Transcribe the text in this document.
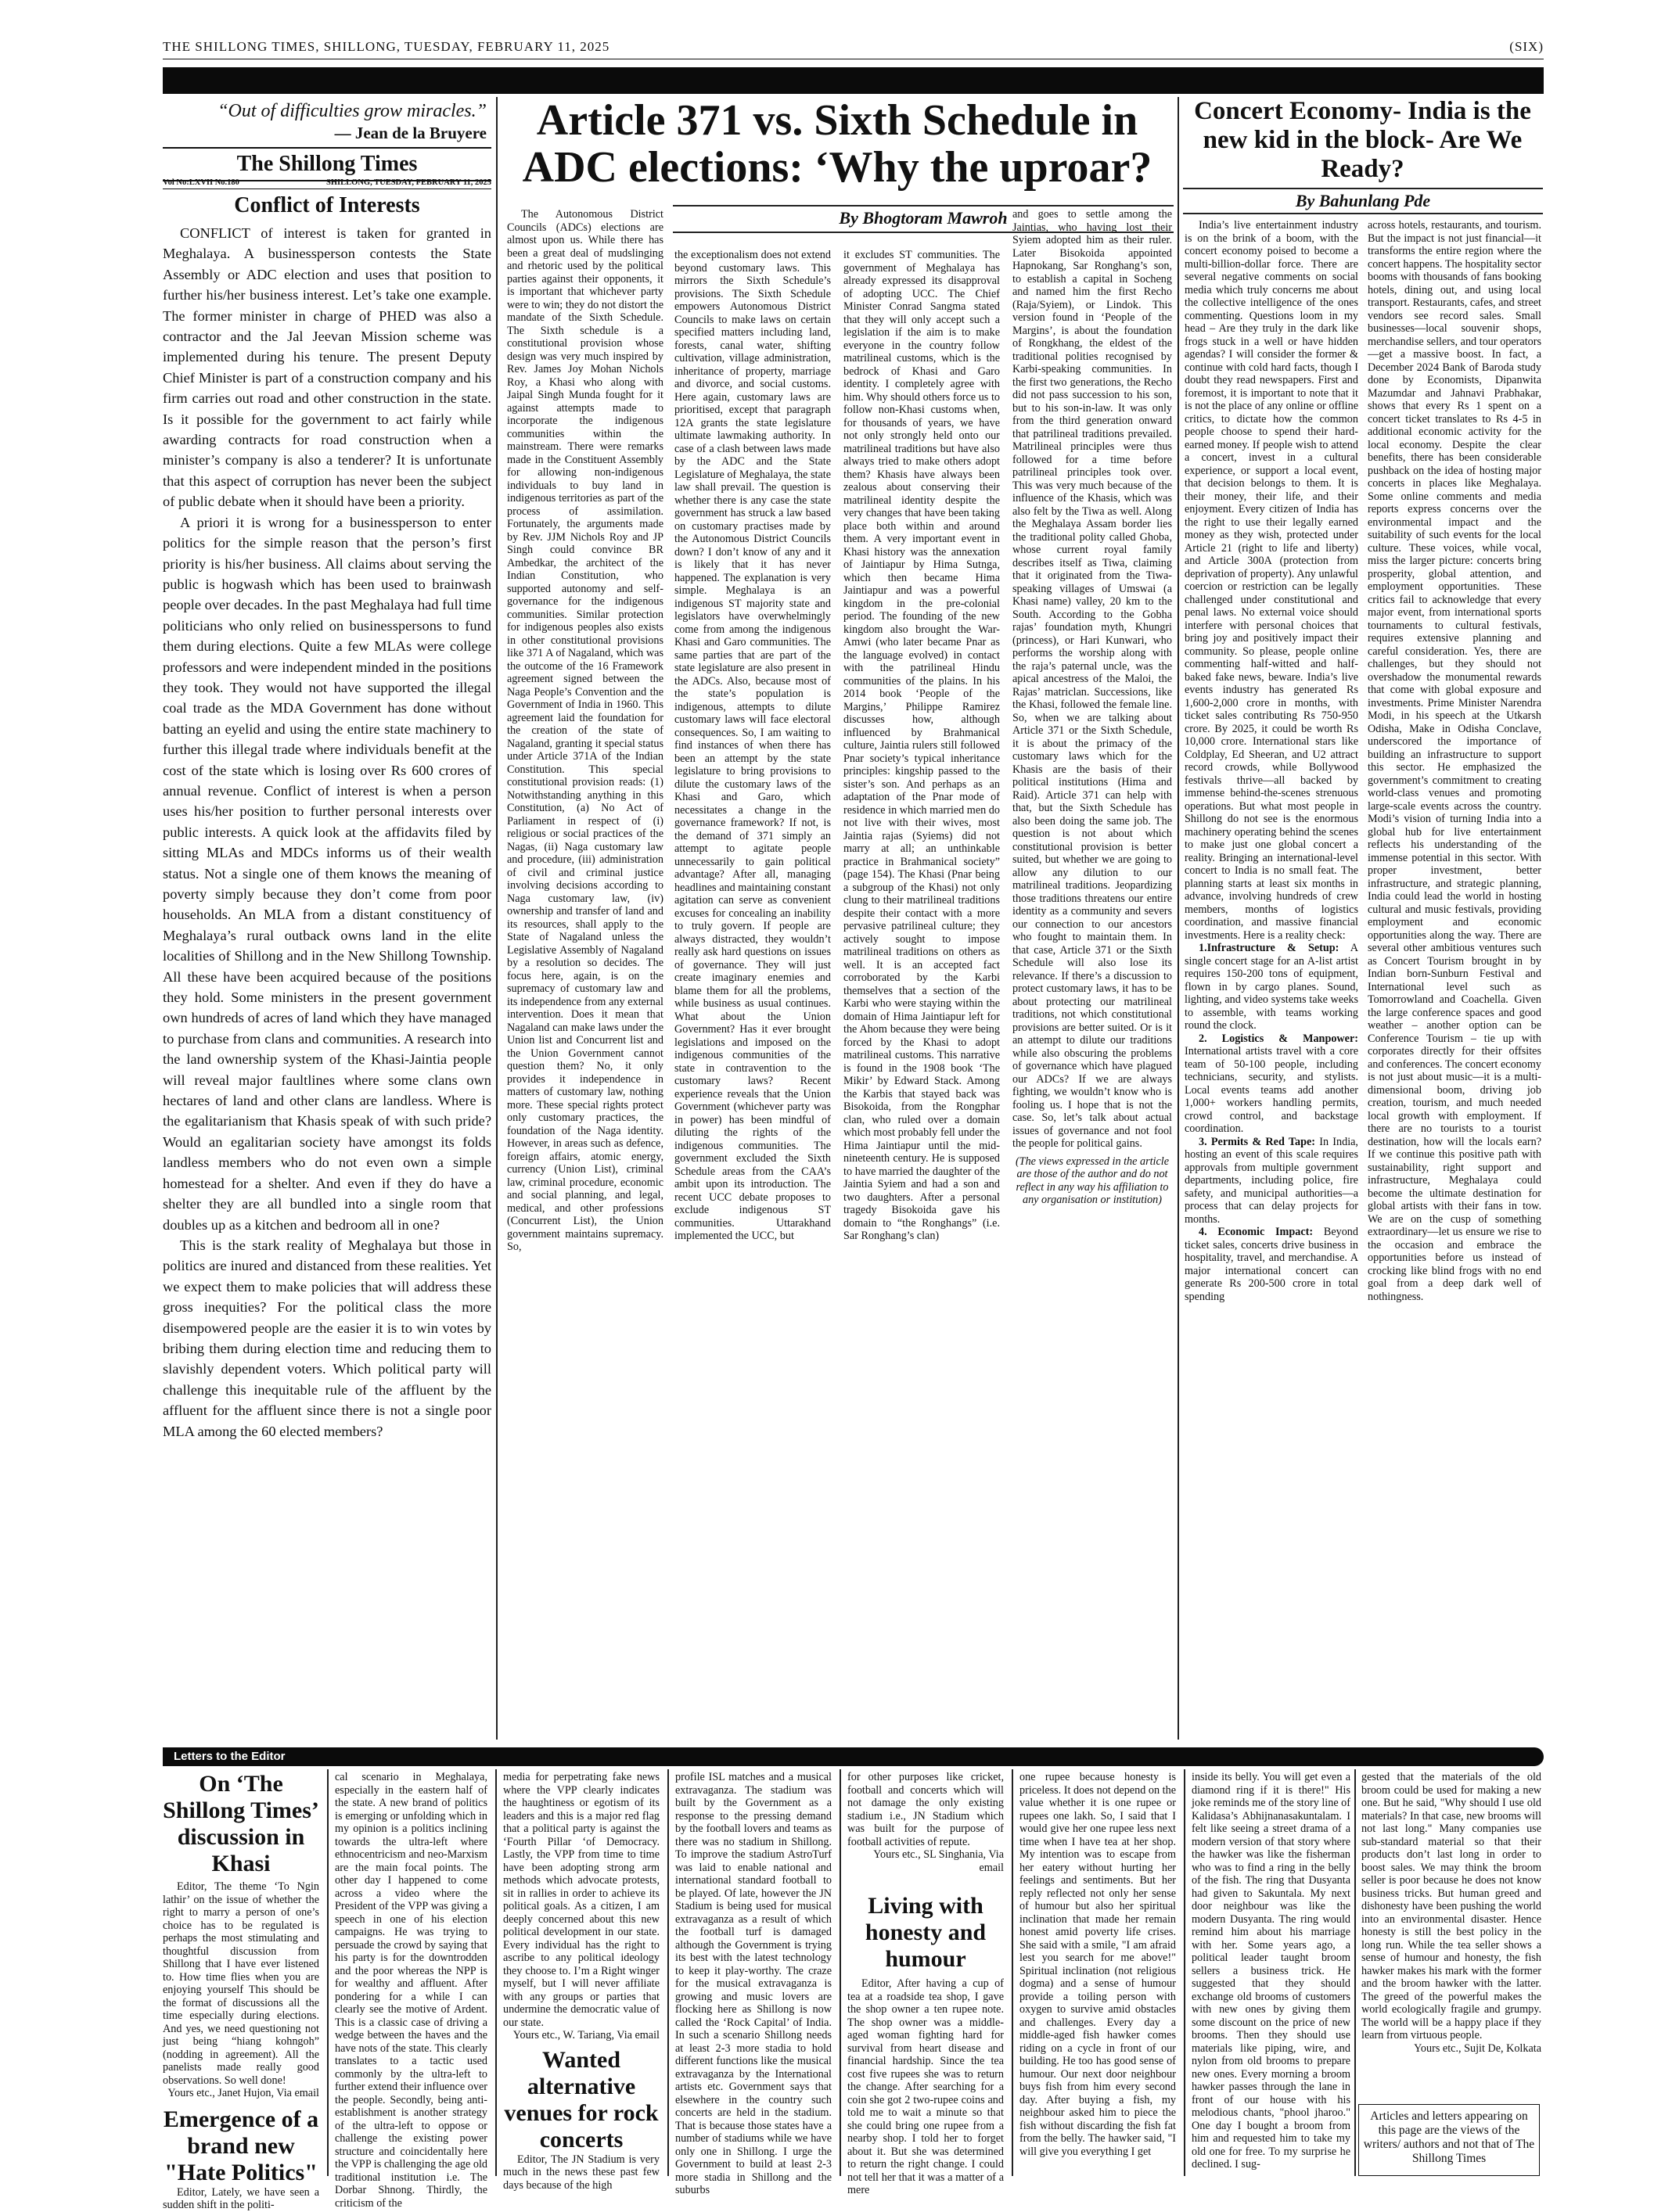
THE SHILLONG TIMES, SHILLONG, TUESDAY, FEBRUARY 11, 2025	(SIX)
“Out of difficulties grow miracles.”
— Jean de la Bruyere
The Shillong Times
Vol No:LXVII No.180	SHILLONG, TUESDAY, FEBRUARY 11, 2025
Conflict of Interests

CONFLICT of interest is taken for granted in Meghalaya. A businessperson contests the State Assembly or ADC election and uses that position to further his/her business interest. Let’s take one example. The former minister in charge of PHED was also a contractor and the Jal Jeevan Mission scheme was implemented during his tenure. The present Deputy Chief Minister is part of a construction company and his firm carries out road and other construction in the state. Is it possible for the government to act fairly while awarding contracts for road construction when a minister’s company is also a tenderer? It is unfortunate that this aspect of corruption has never been the subject of public debate when it should have been a priority.

A priori it is wrong for a businessperson to enter politics for the simple reason that the person’s first priority is his/her business. All claims about serving the public is hogwash which has been used to brainwash people over decades. In the past Meghalaya had full time politicians who only relied on businesspersons to fund them during elections. Quite a few MLAs were college professors and were independent minded in the positions they took. They would not have supported the illegal coal trade as the MDA Government has done without batting an eyelid and using the entire state machinery to further this illegal trade where individuals benefit at the cost of the state which is losing over Rs 600 crores of annual revenue. Conflict of interest is when a person uses his/her position to further personal interests over public interests. A quick look at the affidavits filed by sitting MLAs and MDCs informs us of their wealth status. Not a single one of them knows the meaning of poverty simply because they don’t come from poor households. An MLA from a distant constituency of Meghalaya’s rural outback owns land in the elite localities of Shillong and in the New Shillong Township. All these have been acquired because of the positions they hold. Some ministers in the present government own hundreds of acres of land which they have managed to purchase from clans and communities. A research into the land ownership system of the Khasi-Jaintia people will reveal major faultlines where some clans own hectares of land and other clans are landless. Where is the egalitarianism that Khasis speak of with such pride? Would an egalitarian society have amongst its folds landless members who do not even own a simple homestead for a shelter. And even if they do have a shelter they are all bundled into a single room that doubles up as a kitchen and bedroom all in one?

This is the stark reality of Meghalaya but those in politics are inured and distanced from these realities. Yet we expect them to make policies that will address these gross inequities? For the political class the more disempowered people are the easier it is to win votes by bribing them during election time and reducing them to slavishly dependent voters. Which political party will challenge this inequitable rule of the affluent by the affluent for the affluent since there is not a single poor MLA among the 60 elected members?

Article 371 vs. Sixth Schedule in ADC elections: ‘Why the uproar?
By Bhogtoram Mawroh

The Autonomous District Councils (ADCs) elections are almost upon us. While there has been a great deal of mudslinging and rhetoric used by the political parties against their opponents, it is important that whichever party were to win; they do not distort the mandate of the Sixth Schedule. The Sixth schedule is a constitutional provision whose design was very much inspired by Rev. James Joy Mohan Nichols Roy, a Khasi who along with Jaipal Singh Munda fought for it against attempts made to incorporate the indigenous communities within the mainstream. There were remarks made in the Constituent Assembly for allowing non-indigenous individuals to buy land in indigenous territories as part of the process of assimilation. Fortunately, the arguments made by Rev. JJM Nichols Roy and JP Singh could convince BR Ambedkar, the architect of the Indian Constitution, who supported autonomy and self-governance for the indigenous communities. Similar protection for indigenous peoples also exists in other constitutional provisions like 371 A of Nagaland, which was the outcome of the 16 Framework agreement signed between the Naga People’s Convention and the Government of India in 1960. This agreement laid the foundation for the creation of the state of Nagaland, granting it special status under Article 371A of the Indian Constitution. This special constitutional provision reads: (1) Notwithstanding anything in this Constitution, (a) No Act of Parliament in respect of (i) religious or social practices of the Nagas, (ii) Naga customary law and procedure, (iii) administration of civil and criminal justice involving decisions according to Naga customary law, (iv) ownership and transfer of land and its resources, shall apply to the State of Nagaland unless the Legislative Assembly of Nagaland by a resolution so decides. The focus here, again, is on the supremacy of customary law and its independence from any external intervention. Does it mean that Nagaland can make laws under the Union list and Concurrent list and the Union Government cannot question them? No, it only provides it independence in matters of customary law, nothing more. These special rights protect only customary practices, the foundation of the Naga identity. However, in areas such as defence, foreign affairs, atomic energy, currency (Union List), criminal law, criminal procedure, economic and social planning, and legal, medical, and other professions (Concurrent List), the Union government maintains supremacy. So,

the exceptionalism does not extend beyond customary laws. This mirrors the Sixth Schedule’s provisions. The Sixth Schedule empowers Autonomous District Councils to make laws on certain specified matters including land, forests, canal water, shifting cultivation, village administration, inheritance of property, marriage and divorce, and social customs. Here again, customary laws are prioritised, except that paragraph 12A grants the state legislature ultimate lawmaking authority. In case of a clash between laws made by the ADC and the State Legislature of Meghalaya, the state law shall prevail. The question is whether there is any case the state government has struck a law based on customary practises made by the Autonomous District Councils down? I don’t know of any and it is likely that it has never happened. The explanation is very simple. Meghalaya is an indigenous ST majority state and legislators have overwhelmingly come from among the indigenous Khasi and Garo communities. The same parties that are part of the state legislature are also present in the ADCs. Also, because most of the state’s population is indigenous, attempts to dilute customary laws will face electoral consequences. So, I am waiting to find instances of when there has been an attempt by the state legislature to bring provisions to dilute the customary laws of the Khasi and Garo, which necessitates a change in the governance framework? If not, is the demand of 371 simply an attempt to agitate people unnecessarily to gain political advantage? After all, managing headlines and maintaining constant agitation can serve as convenient excuses for concealing an inability to truly govern. If people are always distracted, they wouldn’t really ask hard questions on issues of governance. They will just create imaginary enemies and blame them for all the problems, while business as usual continues. What about the Union Government? Has it ever brought legislations and imposed on the indigenous communities of the state in contravention to the customary laws? Recent experience reveals that the Union Government (whichever party was in power) has been mindful of diluting the rights of the indigenous communities. The government excluded the Sixth Schedule areas from the CAA’s ambit upon its introduction. The recent UCC debate proposes to exclude indigenous ST communities. Uttarakhand implemented the UCC, but

it excludes ST communities. The government of Meghalaya has already expressed its disapproval of adopting UCC. The Chief Minister Conrad Sangma stated that they will only accept such a legislation if the aim is to make everyone in the country follow matrilineal customs, which is the bedrock of Khasi and Garo identity. I completely agree with him. Why should others force us to follow non-Khasi customs when, for thousands of years, we have not only strongly held onto our matrilineal traditions but have also always tried to make others adopt them? Khasis have always been zealous about conserving their matrilineal identity despite the very changes that have been taking place both within and around them. A very important event in Khasi history was the annexation of Jaintiapur by Hima Sutnga, which then became Hima Jaintiapur and was a powerful kingdom in the pre-colonial period. The founding of the new kingdom also brought the War-Amwi (who later became Pnar as the language evolved) in contact with the patrilineal Hindu communities of the plains. In his 2014 book ‘People of the Margins,’ Philippe Ramirez discusses how, although influenced by Brahmanical culture, Jaintia rulers still followed Pnar society’s typical inheritance principles: kingship passed to the sister’s son. And perhaps as an adaptation of the Pnar mode of residence in which married men do not live with their wives, most Jaintia rajas (Syiems) did not marry at all; an unthinkable practice in Brahmanical society” (page 154). The Khasi (Pnar being a subgroup of the Khasi) not only clung to their matrilineal traditions despite their contact with a more pervasive patrilineal culture; they actively sought to impose matrilineal traditions on others as well. It is an accepted fact corroborated by the Karbi themselves that a section of the Karbi who were staying within the domain of Hima Jaintiapur left for the Ahom because they were being forced by the Khasi to adopt matrilineal customs. This narrative is found in the 1908 book ‘The Mikir’ by Edward Stack. Among the Karbis that stayed back was Bisokoida, from the Rongphar clan, who ruled over a domain which most probably fell under the Hima Jaintiapur until the mid-nineteenth century. He is supposed to have married the daughter of the Jaintia Syiem and had a son and two daughters. After a personal tragedy Bisokoida gave his domain to “the Ronghangs” (i.e. Sar Ronghang’s clan)

and goes to settle among the Jaintias, who having lost their Syiem adopted him as their ruler. Later Bisokoida appointed Hapnokang, Sar Ronghang’s son, to establish a capital in Socheng and named him the first Recho (Raja/Syiem), or Lindok. This version found in ‘People of the Margins’, is about the foundation of Rongkhang, the eldest of the traditional polities recognised by Karbi-speaking communities. In the first two generations, the Recho did not pass succession to his son, but to his son-in-law. It was only from the third generation onward that patrilineal traditions prevailed. Matrilineal principles were thus followed for a time before patrilineal principles took over. This was very much because of the influence of the Khasis, which was also felt by the Tiwa as well. Along the Meghalaya Assam border lies the traditional polity called Ghoba, whose current royal family describes itself as Tiwa, claiming that it originated from the Tiwa-speaking villages of Umswai (a Khasi name) valley, 20 km to the South. According to the Gobha rajas’ foundation myth, Khungri (princess), or Hari Kunwari, who performs the worship along with the raja’s paternal uncle, was the apical ancestress of the Maloi, the Rajas’ matriclan. Successions, like the Khasi, followed the female line. So, when we are talking about Article 371 or the Sixth Schedule, it is about the primacy of the customary laws which for the Khasis are the basis of their political institutions (Hima and Raid). Article 371 can help with that, but the Sixth Schedule has also been doing the same job. The question is not about which constitutional provision is better suited, but whether we are going to allow any dilution to our matrilineal traditions. Jeopardizing those traditions threatens our entire identity as a community and severs our connection to our ancestors who fought to maintain them. In that case, Article 371 or the Sixth Schedule will also lose its relevance. If there’s a discussion to protect customary laws, it has to be about protecting our matrilineal traditions, not which constitutional provisions are better suited. Or is it an attempt to dilute our traditions while also obscuring the problems of governance which have plagued our ADCs? If we are always fighting, we wouldn’t know who is fooling us. I hope that is not the case. So, let’s talk about actual issues of governance and not fool the people for political gains.

(The views expressed in the article are those of the author and do not reflect in any way his affiliation to any organisation or institution)

Concert Economy- India is the new kid in the block- Are We Ready?
By Bahunlang Pde

India’s live entertainment industry is on the brink of a boom, with the concert economy poised to become a multi-billion-dollar force. There are several negative comments on social media which truly concerns me about the collective intelligence of the ones commenting. Questions loom in my head – Are they truly in the dark like frogs stuck in a well or have hidden agendas? I will consider the former & continue with cold hard facts, though I doubt they read newspapers. First and foremost, it is important to note that it is not the place of any online or offline critics, to dictate how the common people choose to spend their hard-earned money. If people wish to attend a concert, invest in a cultural experience, or support a local event, that decision belongs to them. It is their money, their life, and their enjoyment. Every citizen of India has the right to use their legally earned money as they wish, protected under Article 21 (right to life and liberty) and Article 300A (protection from deprivation of property). Any unlawful coercion or restriction can be legally challenged under constitutional and penal laws. No external voice should interfere with personal choices that bring joy and positively impact their community. So please, people online commenting half-witted and half-baked fake news, beware. India’s live events industry has generated Rs 1,600-2,000 crore in months, with ticket sales contributing Rs 750-950 crore. By 2025, it could be worth Rs 10,000 crore. International stars like Coldplay, Ed Sheeran, and U2 attract record crowds, while Bollywood festivals thrive—all backed by immense behind-the-scenes strenuous operations. But what most people in Shillong do not see is the enormous machinery operating behind the scenes to make just one global concert a reality. Bringing an international-level concert to India is no small feat. The planning starts at least six months in advance, involving hundreds of crew members, months of logistics coordination, and massive financial investments. Here is a reality check:

1.Infrastructure & Setup: A single concert stage for an A-list artist requires 150-200 tons of equipment, flown in by cargo planes. Sound, lighting, and video systems take weeks to assemble, with teams working round the clock.

2. Logistics & Manpower: International artists travel with a core team of 50-100 people, including technicians, security, and stylists. Local events teams add another 1,000+ workers handling permits, crowd control, and backstage coordination.

3. Permits & Red Tape: In India, hosting an event of this scale requires approvals from multiple government departments, including police, fire safety, and municipal authorities—a process that can delay projects for months.

4. Economic Impact: Beyond ticket sales, concerts drive business in hospitality, travel, and merchandise. A major international concert can generate Rs 200-500 crore in total spending

across hotels, restaurants, and tourism. But the impact is not just financial—it transforms the entire region where the concert happens. The hospitality sector booms with thousands of fans booking hotels, dining out, and using local transport. Restaurants, cafes, and street vendors see record sales. Small businesses—local souvenir shops, merchandise sellers, and tour operators—get a massive boost. In fact, a December 2024 Bank of Baroda study done by Economists, Dipanwita Mazumdar and Jahnavi Prabhakar, shows that every Rs 1 spent on a concert ticket translates to Rs 4-5 in additional economic activity for the local economy. Despite the clear benefits, there has been considerable pushback on the idea of hosting major concerts in places like Meghalaya. Some online comments and media reports express concerns over the environmental impact and the suitability of such events for the local culture. These voices, while vocal, miss the larger picture: concerts bring prosperity, global attention, and employment opportunities. These critics fail to acknowledge that every major event, from international sports tournaments to cultural festivals, requires extensive planning and careful consideration. Yes, there are challenges, but they should not overshadow the monumental rewards that come with global exposure and investments. Prime Minister Narendra Modi, in his speech at the Utkarsh Odisha, Make in Odisha Conclave, underscored the importance of building an infrastructure to support this sector. He emphasized the government’s commitment to creating world-class venues and promoting large-scale events across the country. Modi’s vision of turning India into a global hub for live entertainment reflects his understanding of the immense potential in this sector. With proper investment, better infrastructure, and strategic planning, India could lead the world in hosting cultural and music festivals, providing employment and economic opportunities along the way. There are several other ambitious ventures such as Concert Tourism brought in by Indian born-Sunburn Festival and International level such as Tomorrowland and Coachella. Given the large conference spaces and good weather – another option can be Conference Tourism – tie up with corporates directly for their offsites and conferences. The concert economy is not just about music—it is a multi-dimensional boom, driving job creation, tourism, and much needed local growth with employment. If there are no tourists to a tourist destination, how will the locals earn? If we continue this positive path with sustainability, right support and infrastructure, Meghalaya could become the ultimate destination for global artists with their fans in tow. We are on the cusp of something extraordinary—let us ensure we rise to the occasion and embrace the opportunities before us instead of crocking like blind frogs with no end goal from a deep dark well of nothingness.

Letters to the Editor
On ‘The Shillong Times’ discussion in Khasi

Editor, The theme ‘To Ngin lathir’ on the issue of whether the right to marry a person of one’s choice has to be regulated is perhaps the most stimulating and thoughtful discussion from Shillong that I have ever listened to. How time flies when you are enjoying yourself This should be the format of discussions all the time especially during elections. And yes, we need questioning not just being “hiang kohngoh” (nodding in agreement). All the panelists made really good observations. So well done!

Yours etc., Janet Hujon, Via email
Emergence of a brand new "Hate Politics"

Editor, Lately, we have seen a sudden shift in the politi-

cal scenario in Meghalaya, especially in the eastern half of the state. A new brand of politics is emerging or unfolding which in my opinion is a politics inclining towards the ultra-left where ethnocentricism and neo-Marxism are the main focal points. The other day I happened to come across a video where the President of the VPP was giving a speech in one of his election campaigns. He was trying to persuade the crowd by saying that his party is for the downtrodden and the poor whereas the NPP is for wealthy and affluent. After pondering for a while I can clearly see the motive of Ardent. This is a classic case of driving a wedge between the haves and the have nots of the state. This clearly translates to a tactic used commonly by the ultra-left to further extend their influence over the people. Secondly, being anti-establishment is another strategy of the ultra-left to oppose or challenge the existing power structure and coincidentally here the VPP is challenging the age old traditional institution i.e. The Dorbar Shnong. Thirdly, the criticism of the

media for perpetrating fake news where the VPP clearly indicates the haughtiness or egotism of its leaders and this is a major red flag that a political party is against the ‘Fourth Pillar ‘of Democracy. Lastly, the VPP from time to time have been adopting strong arm methods which advocate protests, sit in rallies in order to achieve its political goals. As a citizen, I am deeply concerned about this new political development in our state. Every individual has the right to ascribe to any political ideology they choose to. I’m a Right winger myself, but I will never affiliate with any groups or parties that undermine the democratic value of our state.

Yours etc., W. Tariang, Via email
Wanted alternative venues for rock concerts

Editor, The JN Stadium is very much in the news these past few days because of the high

profile ISL matches and a musical extravaganza. The stadium was built by the Government as a response to the pressing demand by the football lovers and teams as there was no stadium in Shillong. To improve the stadium AstroTurf was laid to enable national and international standard football to be played. Of late, however the JN Stadium is being used for musical extravaganza as a result of which the football turf is damaged although the Government is trying its best with the latest technology to keep it play-worthy. The craze for the musical extravaganza is growing and music lovers are flocking here as Shillong is now called the ‘Rock Capital’ of India. In such a scenario Shillong needs at least 2-3 more stadia to hold different functions like the musical extravaganza by the International artists etc. Government says that elsewhere in the country such concerts are held in the stadium. That is because those states have a number of stadiums while we have only one in Shillong. I urge the Government to build at least 2-3 more stadia in Shillong and the suburbs

for other purposes like cricket, football and concerts which will not damage the only existing stadium i.e., JN Stadium which was built for the purpose of football activities of repute.

Yours etc., SL Singhania, Via email
Living with honesty and humour

Editor, After having a cup of tea at a roadside tea shop, I gave the shop owner a ten rupee note. The shop owner was a middle-aged woman fighting hard for survival from heart disease and financial hardship. Since the tea cost five rupees she was to return the change. After searching for a coin she got 2 two-rupee coins and told me to wait a minute so that she could bring one rupee from a nearby shop. I told her to forget about it. But she was determined to return the right change. I could not tell her that it was a matter of a mere

one rupee because honesty is priceless. It does not depend on the value whether it is one rupee or rupees one lakh. So, I said that I would give her one rupee less next time when I have tea at her shop. My intention was to escape from her eatery without hurting her feelings and sentiments. But her reply reflected not only her sense of humour but also her spiritual inclination that made her remain honest amid poverty life crises. She said with a smile, "I am afraid lest you search for me above!" Spiritual inclination (not religious dogma) and a sense of humour provide a toiling person with oxygen to survive amid obstacles and challenges. Every day a middle-aged fish hawker comes riding on a cycle in front of our building. He too has good sense of humour. Our next door neighbour buys fish from him every second day. After buying a fish, my neighbour asked him to piece the fish without discarding the fish fat from the belly. The hawker said, "I will give you everything I get

inside its belly. You will get even a diamond ring if it is there!" His joke reminds me of the story line of Kalidasa’s Abhijnanasakuntalam. I felt like seeing a street drama of a modern version of that story where the hawker was like the fisherman who was to find a ring in the belly of the fish. The ring that Dusyanta had given to Sakuntala. My next door neighbour was like the modern Dusyanta. The ring would remind him about his marriage with her. Some years ago, a political leader taught broom sellers a business trick. He suggested that they should exchange old brooms of customers with new ones by giving them some discount on the price of new brooms. Then they should use materials like piping, wire, and nylon from old brooms to prepare new ones. Every morning a broom hawker passes through the lane in front of our house with his melodious chants, "phool jharoo." One day I bought a broom from him and requested him to take my old one for free. To my surprise he declined. I sug-

gested that the materials of the old broom could be used for making a new one. But he said, "Why should I use old materials? In that case, new brooms will not last long." Many companies use sub-standard material so that their products don’t last long in order to boost sales. We may think the broom seller is poor because he does not know business tricks. But human greed and dishonesty have been pushing the world into an environmental disaster. Hence honesty is still the best policy in the long run. While the tea seller shows a sense of humour and honesty, the fish hawker makes his mark with the former and the broom hawker with the latter. The greed of the powerful makes the world ecologically fragile and grumpy. The world will be a happy place if they learn from virtuous people.

Yours etc., Sujit De, Kolkata
Articles and letters appearing on this page are the views of the writers/ authors and not that of The Shillong Times
